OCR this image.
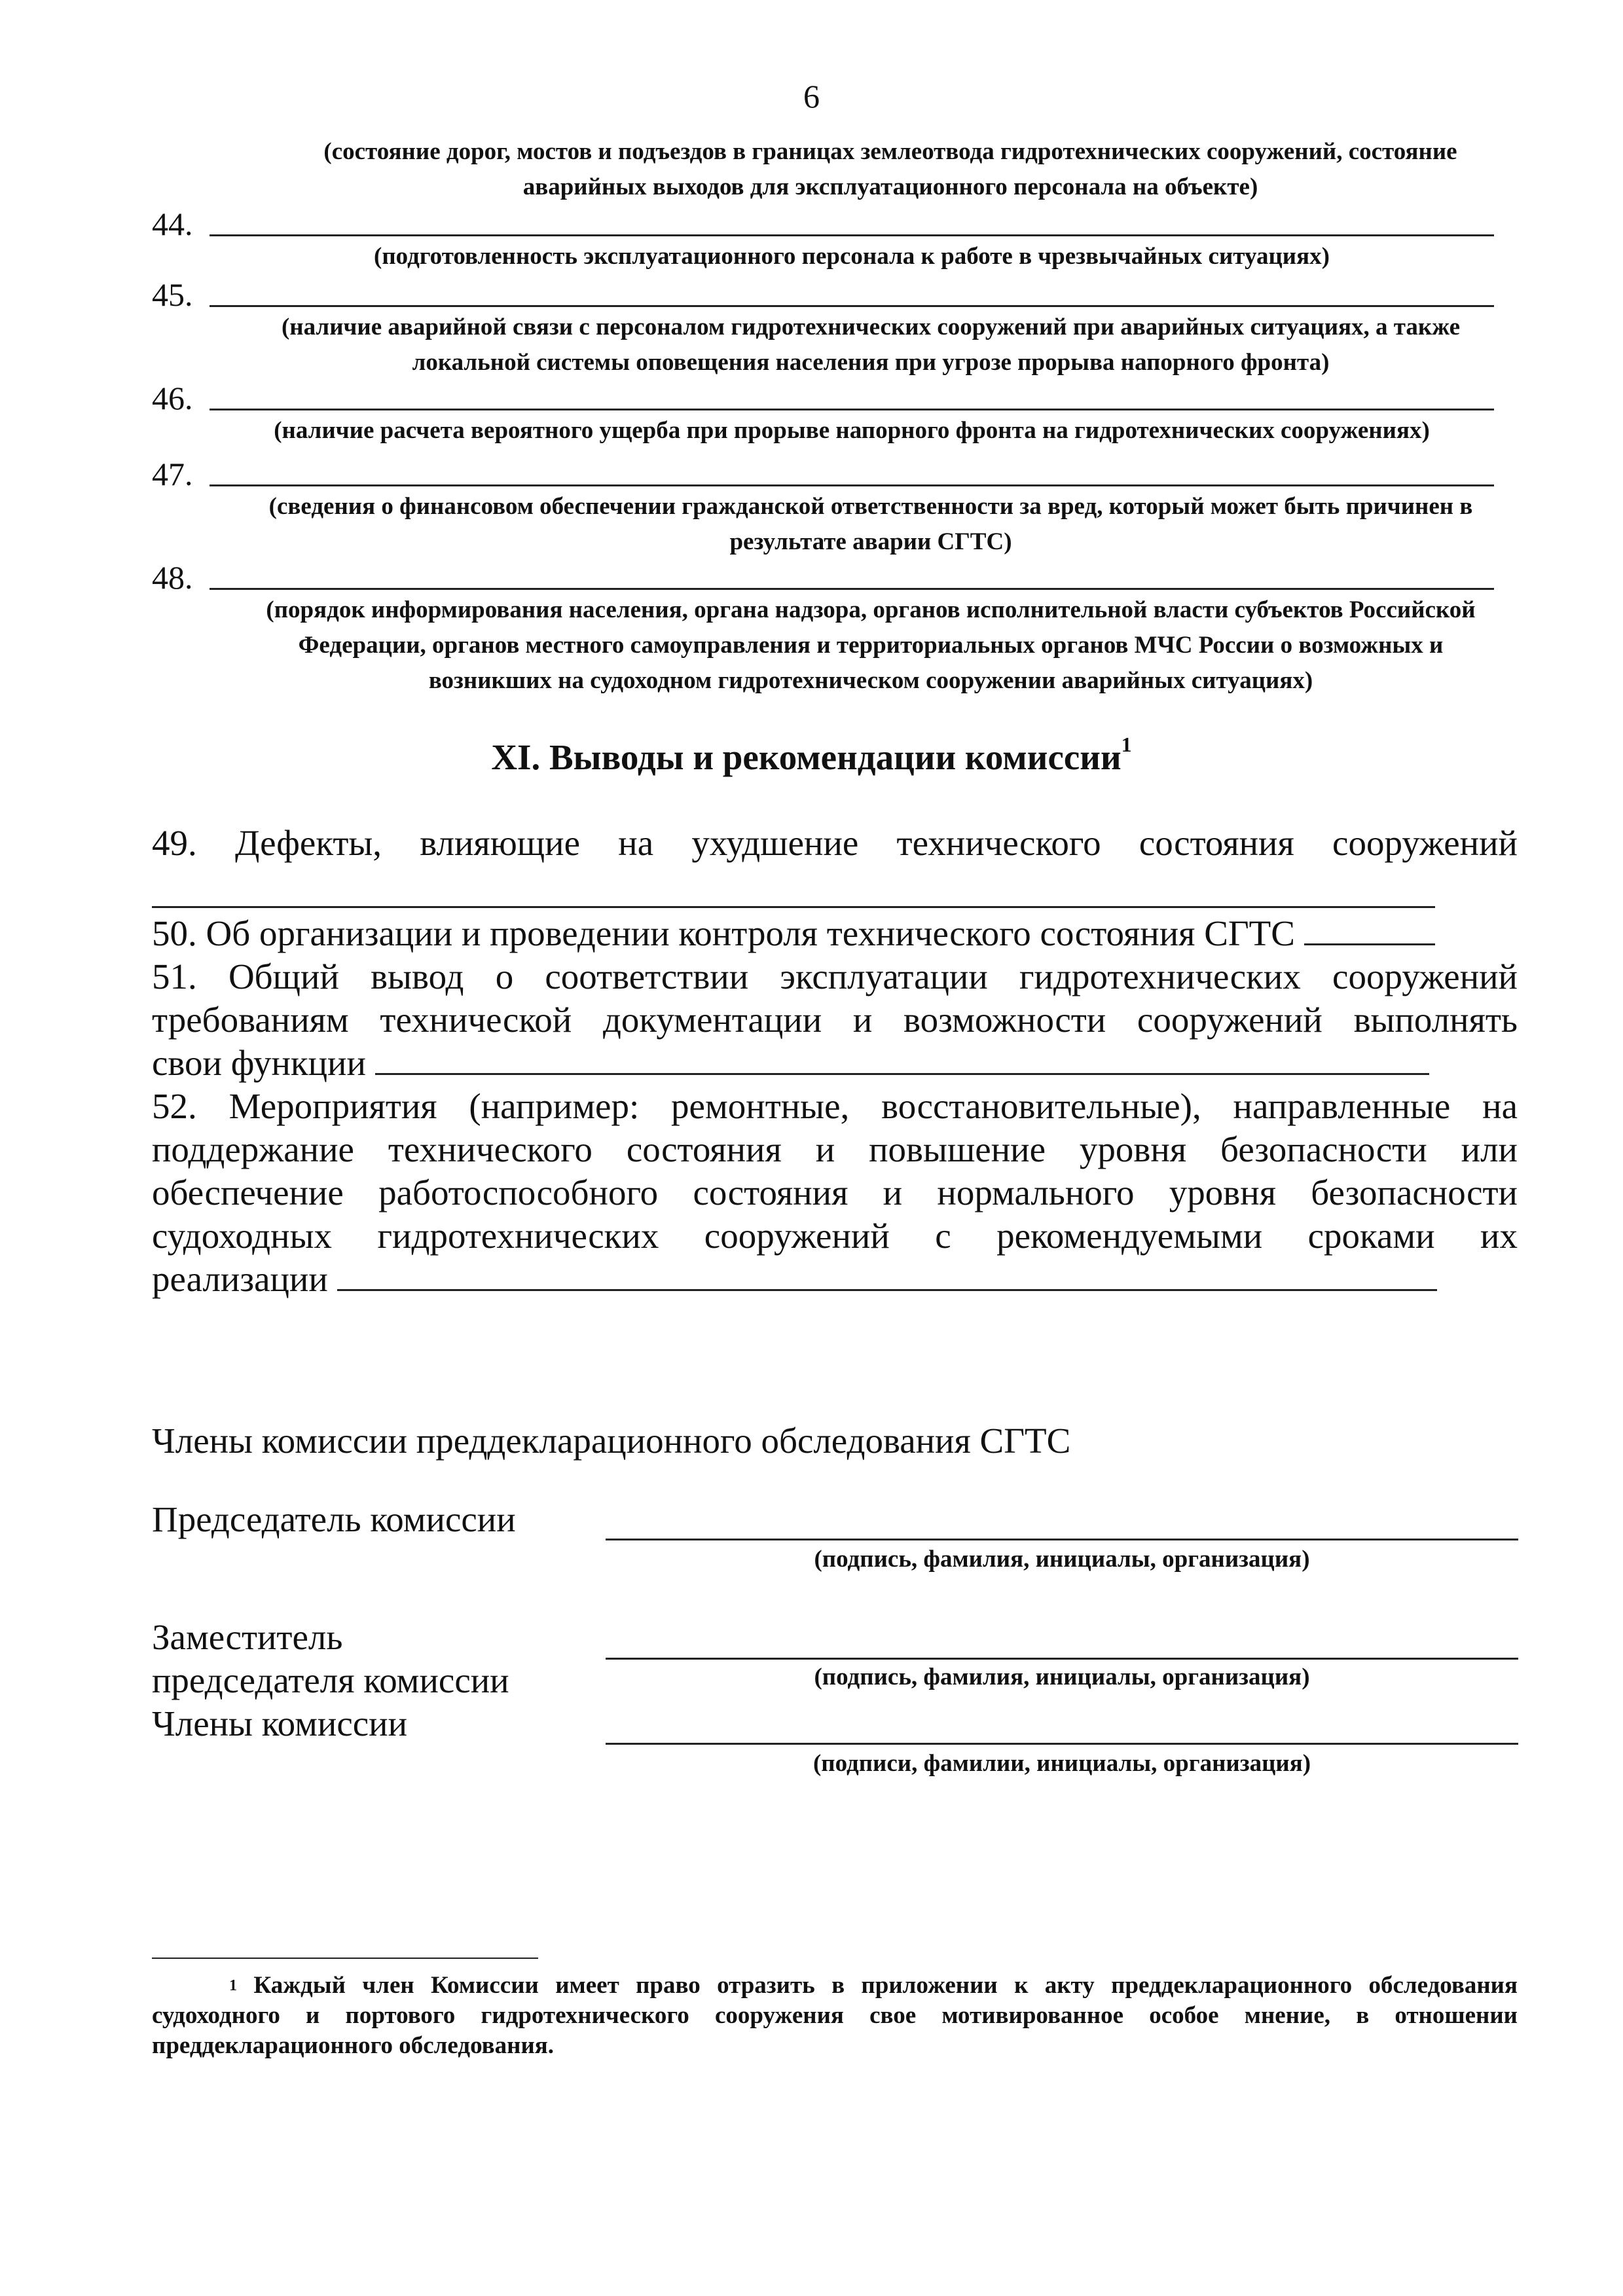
6
(состояние дорог, мостов и подъездов в границах землеотвода гидротехнических сооружений, состояние аварийных выходов для эксплуатационного персонала на объекте)
44.
(подготовленность эксплуатационного персонала к работе в чрезвычайных ситуациях)
45.
(наличие аварийной связи с персоналом гидротехнических сооружений при аварийных ситуациях, а также локальной системы оповещения населения при угрозе прорыва напорного фронта)
46.
(наличие расчета вероятного ущерба при прорыве напорного фронта на гидротехнических сооружениях)
47.
(сведения о финансовом обеспечении гражданской ответственности за вред, который может быть причинен в результате аварии СГТС)
48.
(порядок информирования населения, органа надзора, органов исполнительной власти субъектов Российской Федерации, органов местного самоуправления и территориальных органов МЧС России о возможных и возникших на судоходном гидротехническом сооружении аварийных ситуациях)
XI. Выводы и рекомендации комиссии$^1$
49. Дефекты, влияющие на ухудшение технического состояния сооружений
50. Об организации и проведении контроля технического состояния СГТС
51. Общий вывод о соответствии эксплуатации гидротехнических сооружений
требованиям технической документации и возможности сооружений выполнять
свои функции
52. Мероприятия (например: ремонтные, восстановительные), направленные на
поддержание технического состояния и повышение уровня безопасности или
обеспечение работоспособного состояния и нормального уровня безопасности
судоходных гидротехнических сооружений с рекомендуемыми сроками их
реализации
Члены комиссии преддекларационного обследования СГТС
Председатель комиссии
(подпись, фамилия, инициалы, организация)
Заместитель
председателя комиссии	(подпись, фамилия, инициалы, организация)
Члены комиссии
(подписи, фамилии, инициалы, организация)
$^1$ Каждый член Комиссии имеет право отразить в приложении к акту преддекларационного обследования судоходного и портового гидротехнического сооружения свое мотивированное особое мнение, в отношении преддекларационного обследования.
